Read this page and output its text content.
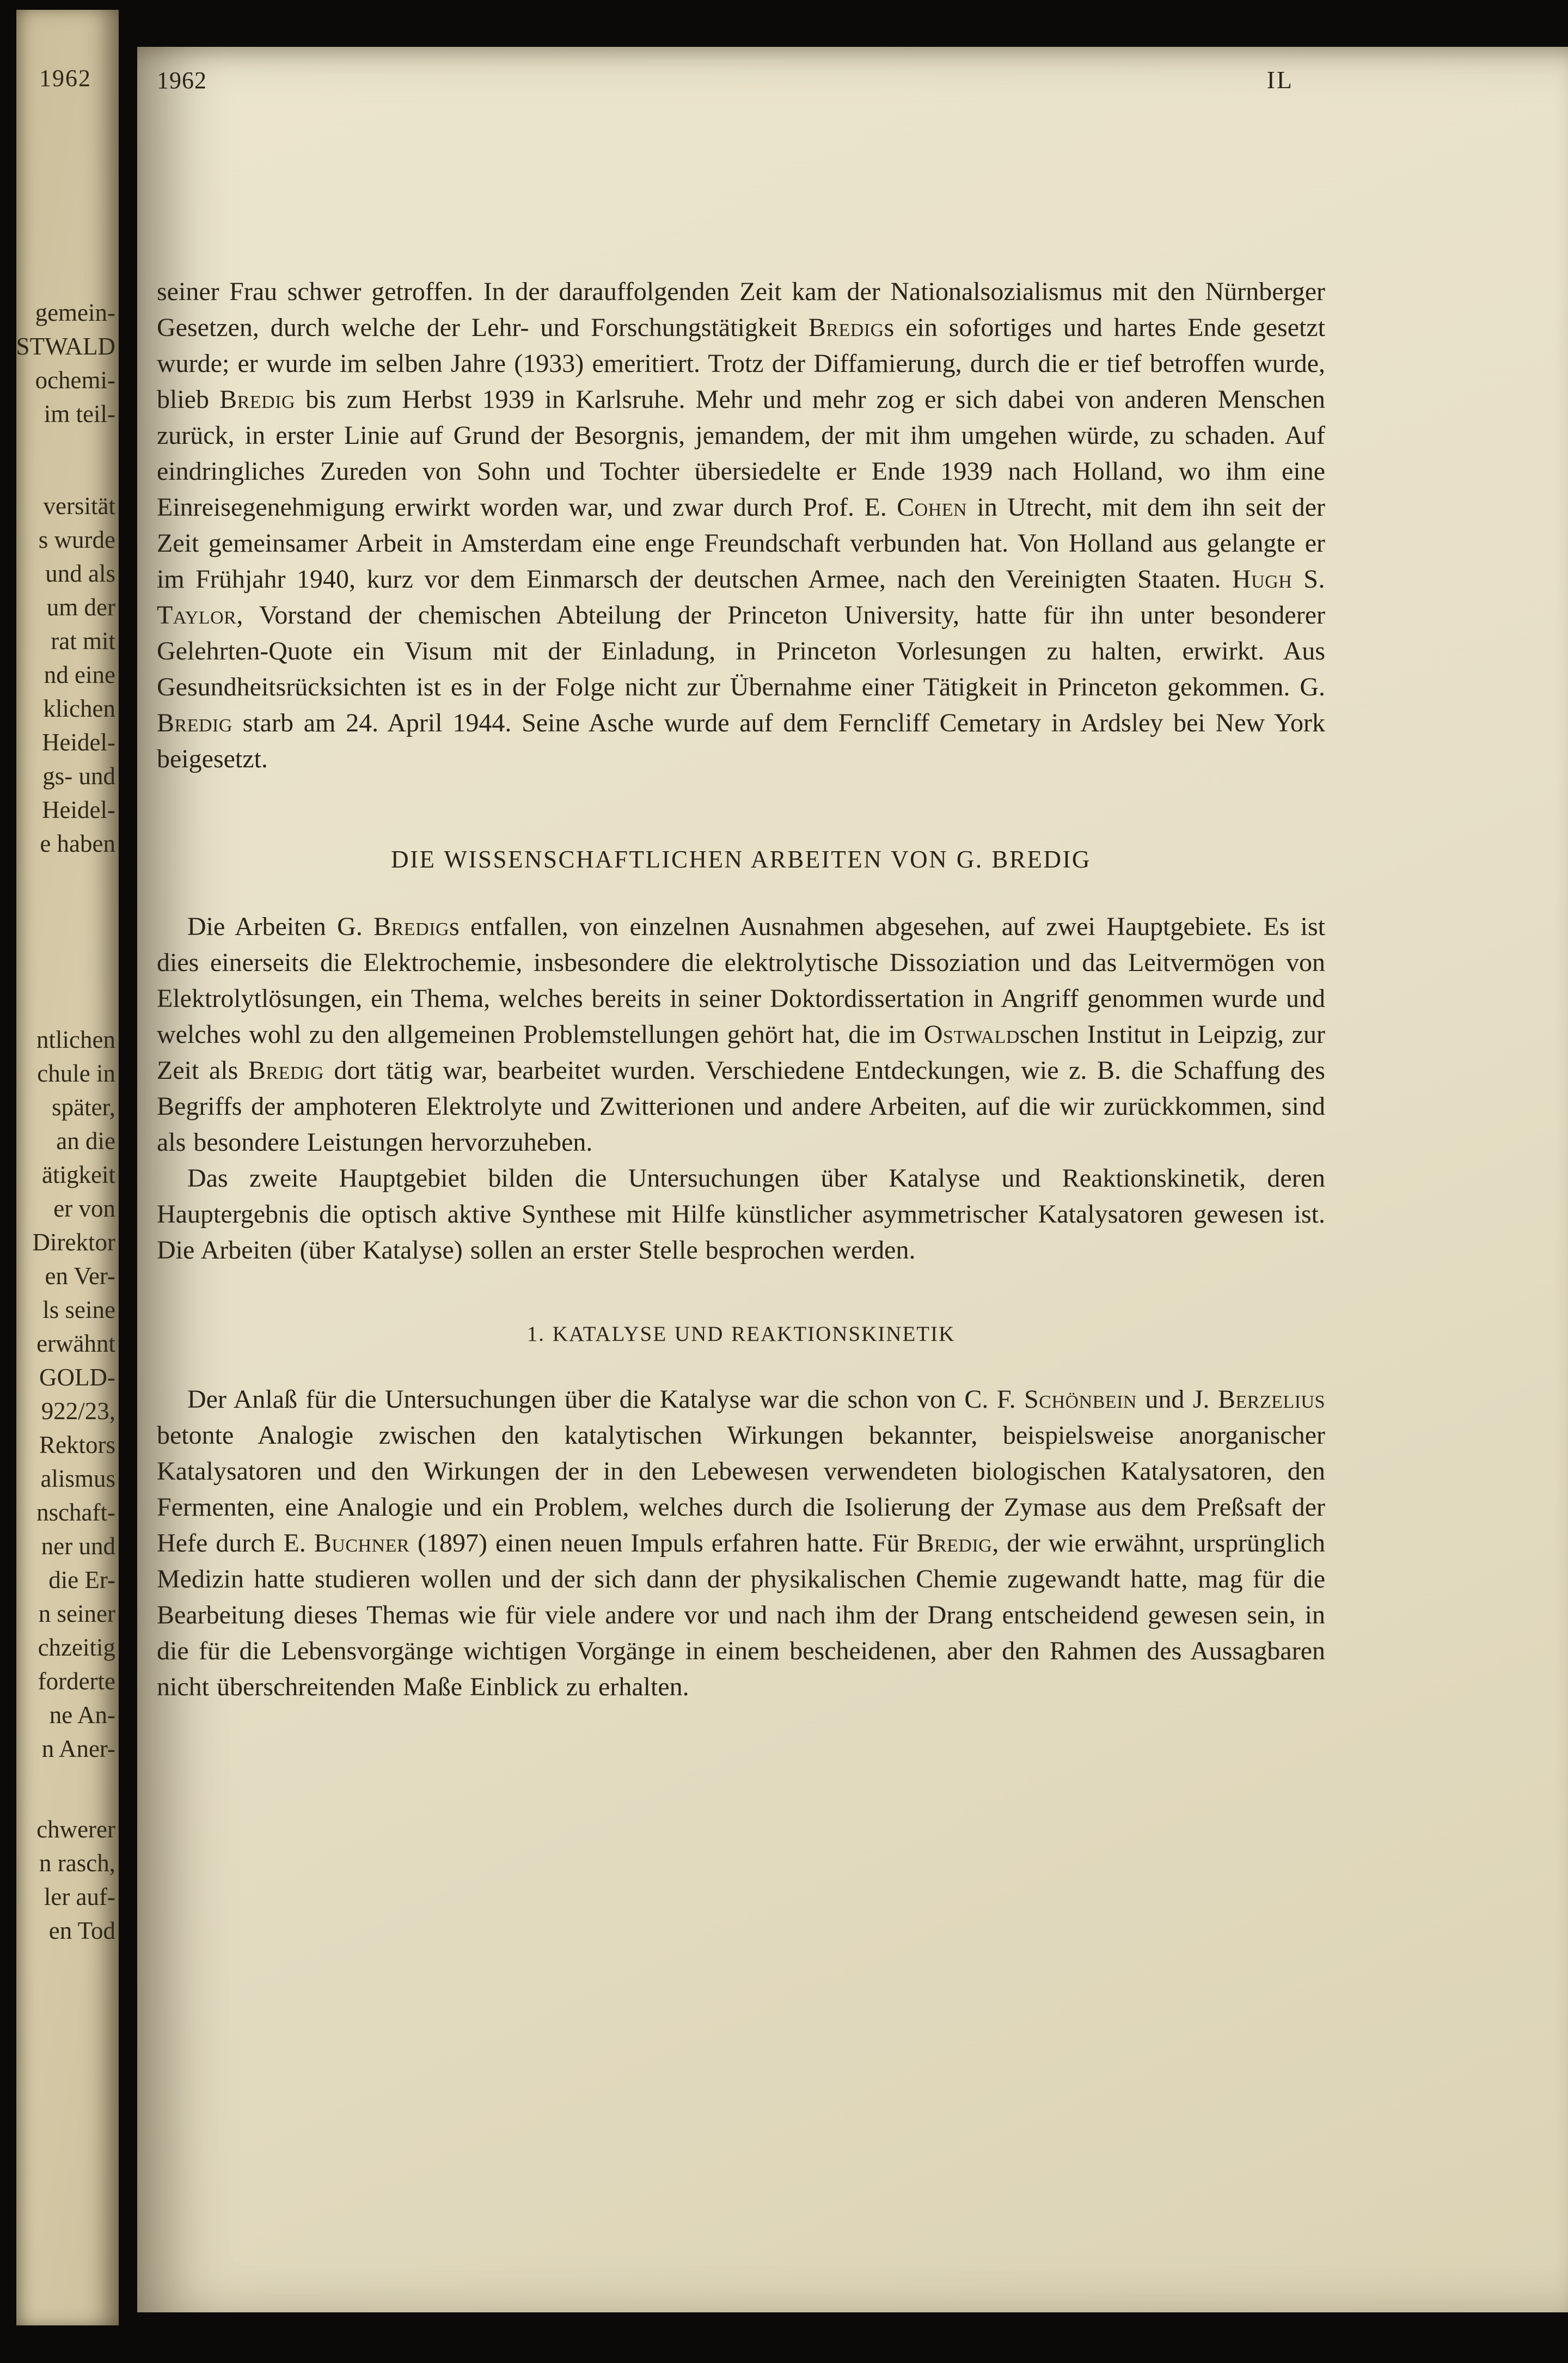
1962
gemein-
STWALD
ochemi-
im teil-
versität
s wurde
und als
um der
rat mit
nd eine
klichen
Heidel-
gs- und
Heidel-
e haben
ntlichen
chule in
später,
an die
ätigkeit
er von
Direktor
en Ver-
ls seine
erwähnt
GOLD-
922/23,
Rektors
alismus
nschaft-
ner und
die Er-
n seiner
chzeitig
forderte
ne An-
n Aner-
chwerer
n rasch,
ler auf-
en Tod
1962	IL

seiner Frau schwer getroffen. In der darauffolgenden Zeit kam der Nationalsozialismus mit den Nürnberger Gesetzen, durch welche der Lehr- und Forschungstätigkeit Bredigs ein sofortiges und hartes Ende gesetzt wurde; er wurde im selben Jahre (1933) emeritiert. Trotz der Diffamierung, durch die er tief betroffen wurde, blieb Bredig bis zum Herbst 1939 in Karlsruhe. Mehr und mehr zog er sich dabei von anderen Menschen zurück, in erster Linie auf Grund der Besorgnis, jemandem, der mit ihm umgehen würde, zu schaden. Auf eindringliches Zureden von Sohn und Tochter übersiedelte er Ende 1939 nach Holland, wo ihm eine Einreisegenehmigung erwirkt worden war, und zwar durch Prof. E. Cohen in Utrecht, mit dem ihn seit der Zeit gemeinsamer Arbeit in Amsterdam eine enge Freundschaft verbunden hat. Von Holland aus gelangte er im Frühjahr 1940, kurz vor dem Einmarsch der deutschen Armee, nach den Vereinigten Staaten. Hugh S. Taylor, Vorstand der chemischen Abteilung der Princeton University, hatte für ihn unter besonderer Gelehrten-Quote ein Visum mit der Einladung, in Princeton Vorlesungen zu halten, erwirkt. Aus Gesundheitsrücksichten ist es in der Folge nicht zur Übernahme einer Tätigkeit in Princeton gekommen. G. Bredig starb am 24. April 1944. Seine Asche wurde auf dem Ferncliff Cemetary in Ardsley bei New York beigesetzt.

DIE WISSENSCHAFTLICHEN ARBEITEN VON G. BREDIG

Die Arbeiten G. Bredigs entfallen, von einzelnen Ausnahmen abgesehen, auf zwei Hauptgebiete. Es ist dies einerseits die Elektrochemie, insbesondere die elektrolytische Dissoziation und das Leitvermögen von Elektrolytlösungen, ein Thema, welches bereits in seiner Doktordissertation in Angriff genommen wurde und welches wohl zu den allgemeinen Problemstellungen gehört hat, die im Ostwaldschen Institut in Leipzig, zur Zeit als Bredig dort tätig war, bearbeitet wurden. Verschiedene Entdeckungen, wie z. B. die Schaffung des Begriffs der amphoteren Elektrolyte und Zwitterionen und andere Arbeiten, auf die wir zurückkommen, sind als besondere Leistungen hervorzuheben.

Das zweite Hauptgebiet bilden die Untersuchungen über Katalyse und Reaktionskinetik, deren Hauptergebnis die optisch aktive Synthese mit Hilfe künstlicher asymmetrischer Katalysatoren gewesen ist. Die Arbeiten (über Katalyse) sollen an erster Stelle besprochen werden.

1. KATALYSE UND REAKTIONSKINETIK

Der Anlaß für die Untersuchungen über die Katalyse war die schon von C. F. Schönbein und J. Berzelius betonte Analogie zwischen den katalytischen Wirkungen bekannter, beispielsweise anorganischer Katalysatoren und den Wirkungen der in den Lebewesen verwendeten biologischen Katalysatoren, den Fermenten, eine Analogie und ein Problem, welches durch die Isolierung der Zymase aus dem Preßsaft der Hefe durch E. Buchner (1897) einen neuen Impuls erfahren hatte. Für Bredig, der wie erwähnt, ursprünglich Medizin hatte studieren wollen und der sich dann der physikalischen Chemie zugewandt hatte, mag für die Bearbeitung dieses Themas wie für viele andere vor und nach ihm der Drang entscheidend gewesen sein, in die für die Lebensvorgänge wichtigen Vorgänge in einem bescheidenen, aber den Rahmen des Aussagbaren nicht überschreitenden Maße Einblick zu erhalten.
